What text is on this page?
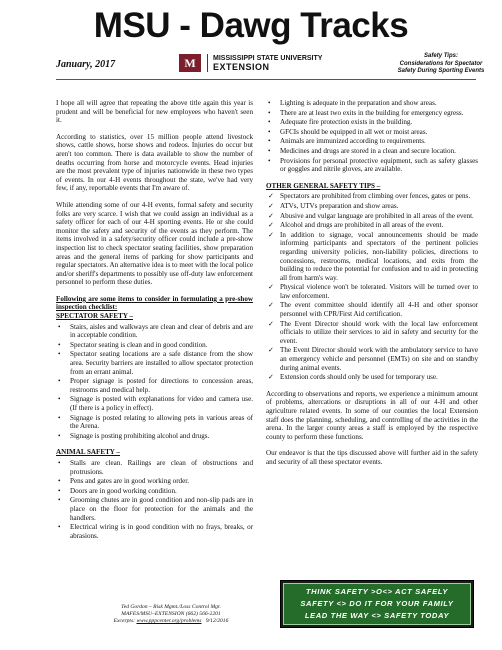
MSU - Dawg Tracks
January, 2017	M MISSISSIPPI STATE UNIVERSITY
EXTENSION
Safety Tips:
Considerations for Spectator
Safety During Sporting Events

I hope all will agree that repeating the above title again this year is prudent and will be beneficial for new employees who haven't seen it.

According to statistics, over 15 million people attend livestock shows, cattle shows, horse shows and rodeos. Injuries do occur but aren't too common. There is data available to show the number of deaths occurring from horse and motorcycle events. Head injuries are the most prevalent type of injuries nationwide in these two types of events. In our 4-H events throughout the state, we've had very few, if any, reportable events that I'm aware of.

While attending some of our 4-H events, formal safety and security folks are very scarce. I wish that we could assign an individual as a safety officer for each of our 4-H sporting events. He or she could monitor the safety and security of the events as they perform. The items involved in a safety/security officer could include a pre-show inspection list to check spectator seating facilities, show preparation areas and the general items of parking for show participants and regular spectators. An alternative idea is to meet with the local police and/or sheriff's departments to possibly use off-duty law enforcement personnel to perform these duties.

Following are some items to consider in formulating a pre-show inspection checklist:

SPECTATOR SAFETY –

• Stairs, aisles and walkways are clean and clear of debris and are in acceptable condition.
• Spectator seating is clean and in good condition.
• Spectator seating locations are a safe distance from the show area. Security barriers are installed to allow spectator protection from an errant animal.
• Proper signage is posted for directions to concession areas, restrooms and medical help.
• Signage is posted with explanations for video and camera use. (If there is a policy in effect).
• Signage is posted relating to allowing pets in various areas of the Arena.
• Signage is posting prohibiting alcohol and drugs.

ANIMAL SAFETY –

• Stalls are clean. Railings are clean of obstructions and protrusions.
• Pens and gates are in good working order.
• Doors are in good working condition.
• Grooming chutes are in good condition and non-slip pads are in place on the floor for protection for the animals and the handlers.
• Electrical wiring is in good condition with no frays, breaks, or abrasions.
• Lighting is adequate in the preparation and show areas.
• There are at least two exits in the building for emergency egress.
• Adequate fire protection exists in the building.
• GFCIs should be equipped in all wet or moist areas.
• Animals are immunized according to requirements.
• Medicines and drugs are stored in a clean and secure location.
• Provisions for personal protective equipment, such as safety glasses or goggles and nitrile gloves, are available.

OTHER GENERAL SAFETY TIPS –

✓ Spectators are prohibited from climbing over fences, gates or pens.
✓ ATVs, UTVs preparation and show areas.
✓ Abusive and vulgar language are prohibited in all areas of the event.
✓ Alcohol and drugs are prohibited in all areas of the event.
✓ In addition to signage, vocal announcements should be made informing participants and spectators of the pertinent policies regarding university policies, non-liability policies, directions to concessions, restrooms, medical locations, and exits from the building to reduce the potential for confusion and to aid in protecting all from harm's way.
✓ Physical violence won't be tolerated. Visitors will be turned over to law enforcement.
✓ The event committee should identify all 4-H and other sponsor personnel with CPR/First Aid certification.
✓ The Event Director should work with the local law enforcement officials to utilize their services to aid in safety and security for the event.
✓ The Event Director should work with the ambulatory service to have an emergency vehicle and personnel (EMTs) on site and on standby during animal events.
✓ Extension cords should only be used for temporary use.

According to observations and reports, we experience a minimum amount of problems, altercations or disruptions in all of our 4-H and other agriculture related events. In some of our counties the local Extension staff does the planning, scheduling, and controlling of the activities in the arena. In the larger county areas a staff is employed by the respective county to perform these functions.

Our endeavor is that the tips discussed above will further aid in the safety and security of all these spectator events.

Ted Gordon – Risk Mgmt./Loss Control Mgr.
MAFES/MSU–EXTENSION (662) 566-2201
Excerpts: www.pppcenter.org/problems 9/12/2016
THINK SAFETY >O<> ACT SAFELY
SAFETY <> DO IT FOR YOUR FAMILY
LEAD THE WAY <> SAFETY TODAY
